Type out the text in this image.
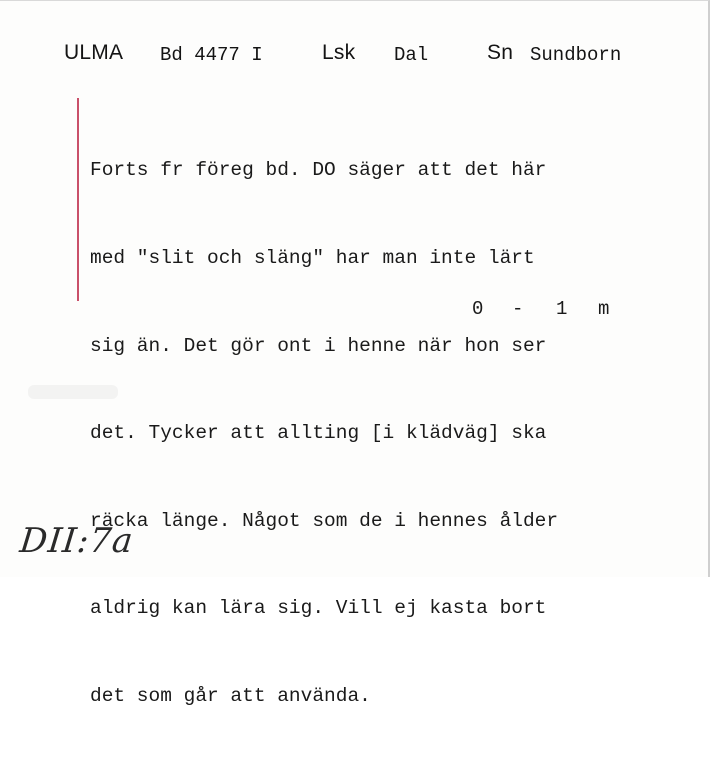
ULMA Bd 4477 I	Lsk Dal	Sn Sundborn

Forts fr föreg bd. DO säger att det här

med "slit och släng" har man inte lärt

sig än. Det gör ont i henne när hon ser

det. Tycker att allting [i klädväg] ska

räcka länge. Något som de i hennes ålder

aldrig kan lära sig. Vill ej kasta bort

det som går att använda.

0 - 1 m
DII:7a
